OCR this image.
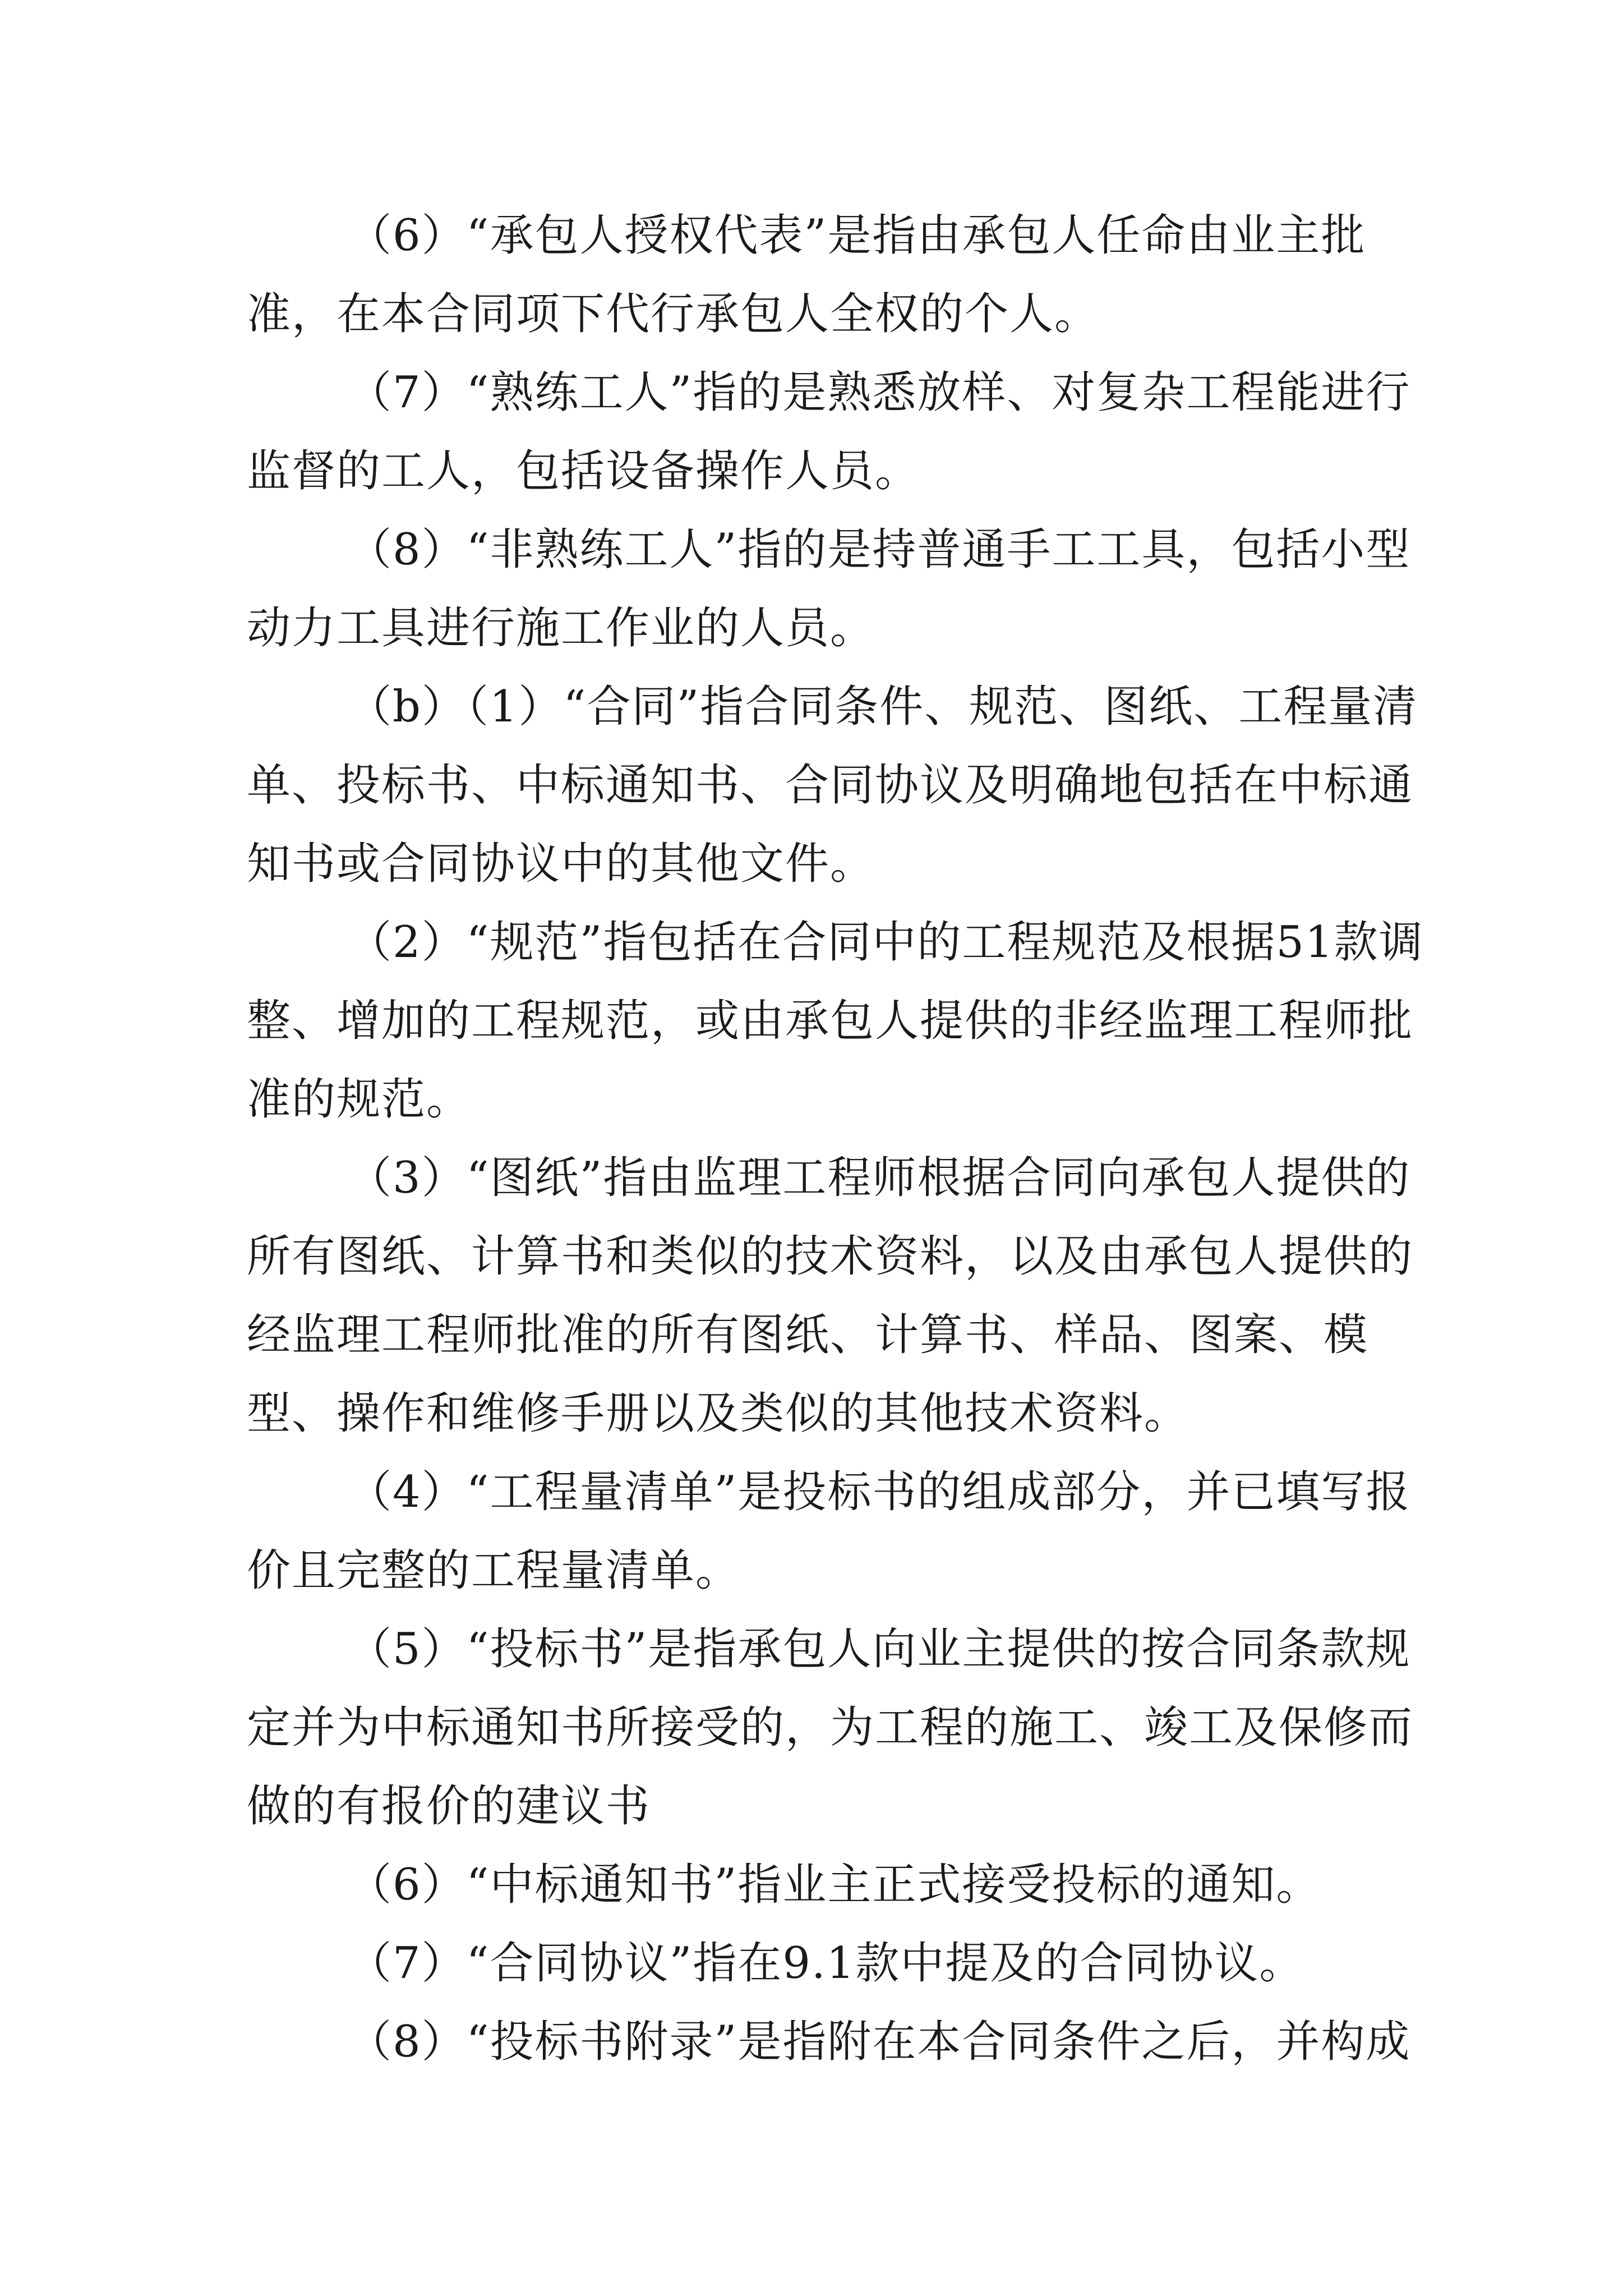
（6）“承包人授权代表”是指由承包人任命由业主批准，在本合同项下代行承包人全权的个人。

（7）“熟练工人”指的是熟悉放样、对复杂工程能进行监督的工人，包括设备操作人员。

（8）“非熟练工人”指的是持普通手工工具，包括小型动力工具进行施工作业的人员。

（b）（1）“合同”指合同条件、规范、图纸、工程量清单、投标书、中标通知书、合同协议及明确地包括在中标通知书或合同协议中的其他文件。

（2）“规范”指包括在合同中的工程规范及根据51款调整、增加的工程规范，或由承包人提供的非经监理工程师批准的规范。

（3）“图纸”指由监理工程师根据合同向承包人提供的所有图纸、计算书和类似的技术资料，以及由承包人提供的经监理工程师批准的所有图纸、计算书、样品、图案、模型、操作和维修手册以及类似的其他技术资料。

（4）“工程量清单”是投标书的组成部分，并已填写报价且完整的工程量清单。

（5）“投标书”是指承包人向业主提供的按合同条款规定并为中标通知书所接受的，为工程的施工、竣工及保修而做的有报价的建议书

（6）“中标通知书”指业主正式接受投标的通知。

（7）“合同协议”指在9.1款中提及的合同协议。

（8）“投标书附录”是指附在本合同条件之后，并构成
